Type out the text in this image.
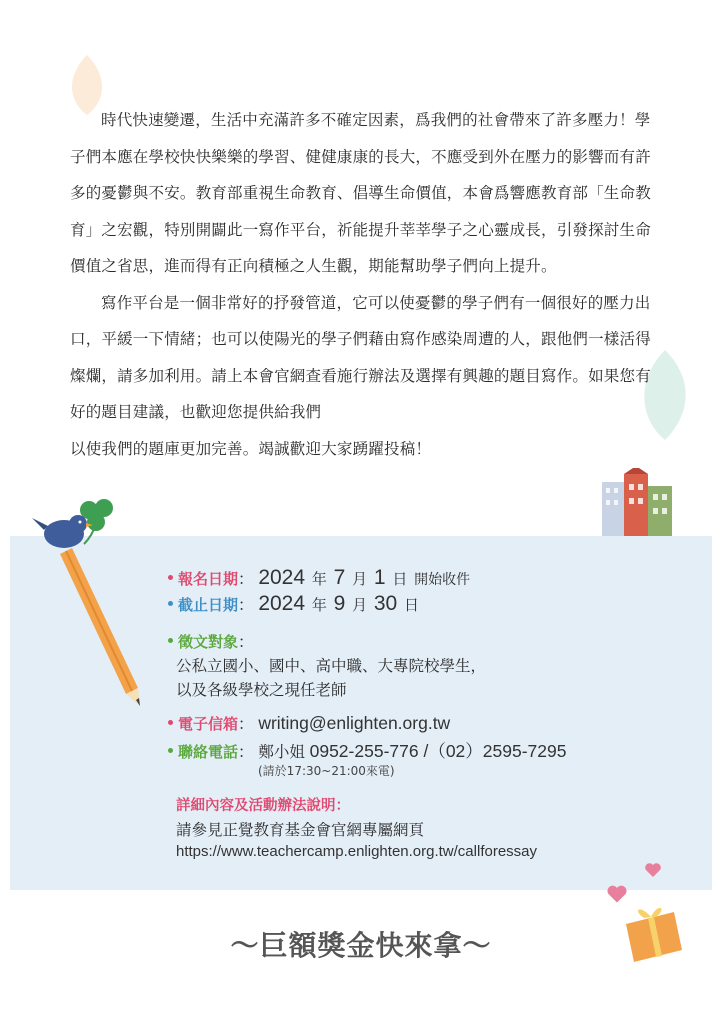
時代快速變遷，生活中充滿許多不確定因素，爲我們的社會帶來了許多壓力！學子們本應在學校快快樂樂的學習、健健康康的長大，不應受到外在壓力的影響而有許多的憂鬱與不安。教育部重視生命教育、倡導生命價值，本會爲響應教育部「生命教育」之宏觀，特別開闢此一寫作平台，祈能提升莘莘學子之心靈成長，引發探討生命價值之省思，進而得有正向積極之人生觀，期能幫助學子們向上提升。

寫作平台是一個非常好的抒發管道，它可以使憂鬱的學子們有一個很好的壓力出口，平緩一下情緒；也可以使陽光的學子們藉由寫作感染周遭的人，跟他們一樣活得燦爛，請多加利用。請上本會官網查看施行辦法及選擇有興趣的題目寫作。如果您有好的題目建議，也歡迎您提供給我們

以使我們的題庫更加完善。竭誠歡迎大家踴躍投稿！

報名日期： 2024 年 7 月 1 日 開始收件
截止日期： 2024 年 9 月 30 日
徵文對象：
公私立國小、國中、高中職、大專院校學生，
以及各級學校之現任老師
電子信箱： writing@enlighten.org.tw
聯絡電話： 鄭小姐 0952-255-776 /（02）2595-7295
(請於17:30~21:00來電)
詳細內容及活動辦法說明：
請參見正覺教育基金會官網專屬網頁
https://www.teachercamp.enlighten.org.tw/callforessay
～巨額獎金快來拿～
